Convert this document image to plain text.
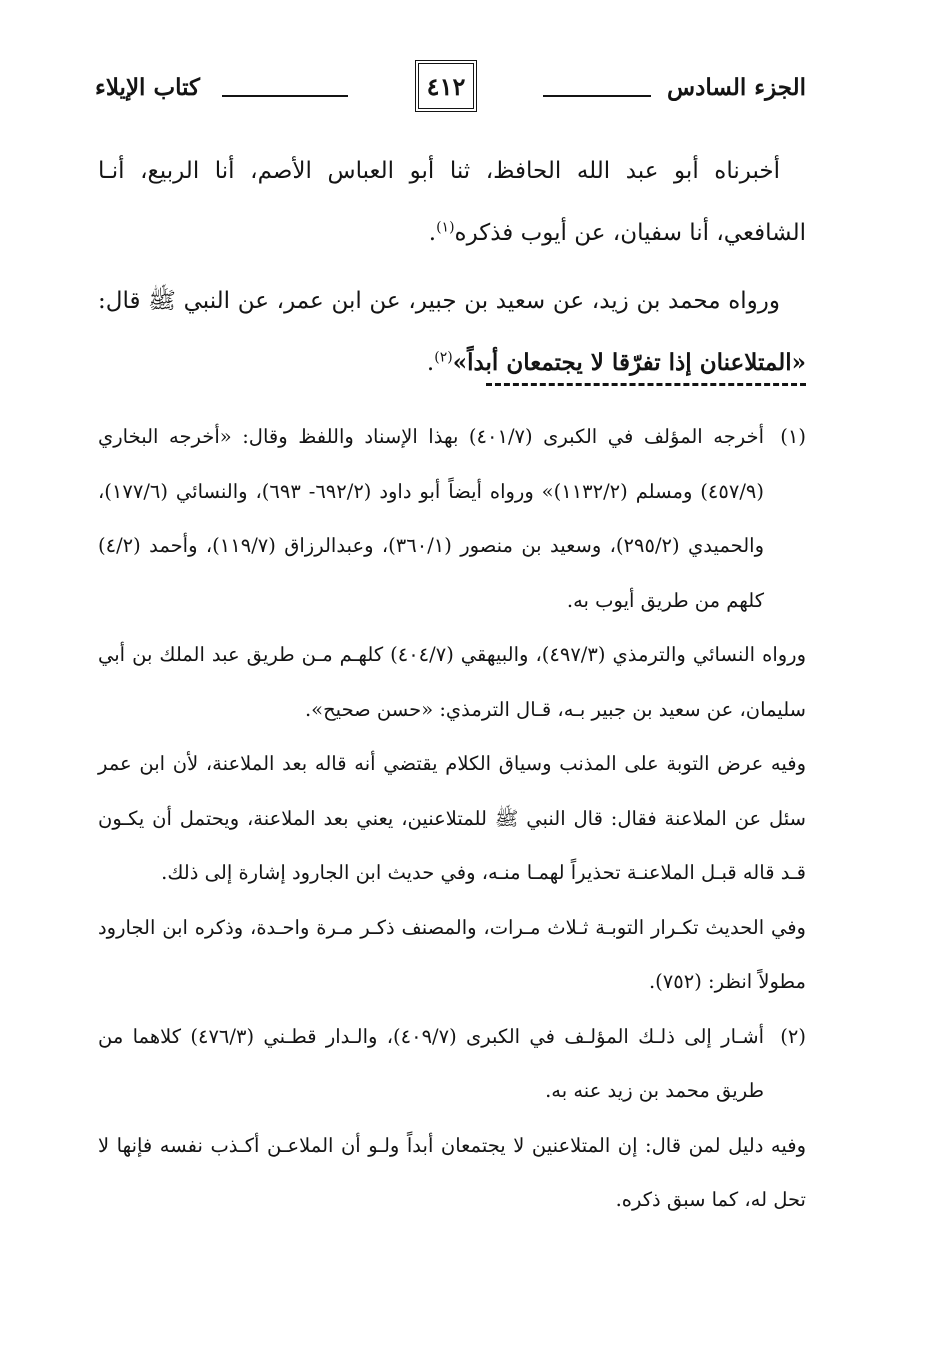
الجزء السادس
٤١٢
كتاب الإيلاء

أخبرناه أبو عبد الله الحافظ، ثنا أبو العباس الأصم، أنا الربيع، أنـا الشافعي، أنا سفيان، عن أيوب فذكره$^{(١)}$.

ورواه محمد بن زيد، عن سعيد بن جبير، عن ابن عمر، عن النبي ﷺ قال: «المتلاعنان إذا تفرّقا لا يجتمعان أبداً»$^{(٢)}$.

(١)
أخرجه المؤلف في الكبرى (٤٠١/٧) بهذا الإسناد واللفظ وقال: «أخرجه البخاري (٤٥٧/٩) ومسلم (١١٣٢/٢)» ورواه أيضاً أبو داود (٦٩٢/٢- ٦٩٣)، والنسائي (١٧٧/٦)، والحميدي (٢٩٥/٢)، وسعيد بن منصور (٣٦٠/١)، وعبدالرزاق (١١٩/٧)، وأحمد (٤/٢) كلهم من طريق أيوب به.

ورواه النسائي والترمذي (٤٩٧/٣)، والبيهقي (٤٠٤/٧) كلهـم مـن طريق عبد الملك بن أبي سليمان، عن سعيد بن جبير بـه، قـال الترمذي: «حسن صحيح».

وفيه عرض التوبة على المذنب وسياق الكلام يقتضي أنه قاله بعد الملاعنة، لأن ابن عمر سئل عن الملاعنة فقال: قال النبي ﷺ للمتلاعنين، يعني بعد الملاعنة، ويحتمل أن يكـون قـد قاله قبـل الملاعنـة تحذيراً لهمـا منـه، وفي حديث ابن الجارود إشارة إلى ذلك.

وفي الحديث تكـرار التوبـة ثـلاث مـرات، والمصنف ذكـر مـرة واحـدة، وذكره ابن الجارود مطولاً انظر: (٧٥٢).

(٢)
أشـار إلى ذلـك المؤلـف في الكبرى (٤٠٩/٧)، والـدار قطـني (٤٧٦/٣) كلاهما من طريق محمد بن زيد عنه به.

وفيه دليل لمن قال: إن المتلاعنين لا يجتمعان أبداً ولـو أن الملاعـن أكـذب نفسه فإنها لا تحل له، كما سبق ذكره.
